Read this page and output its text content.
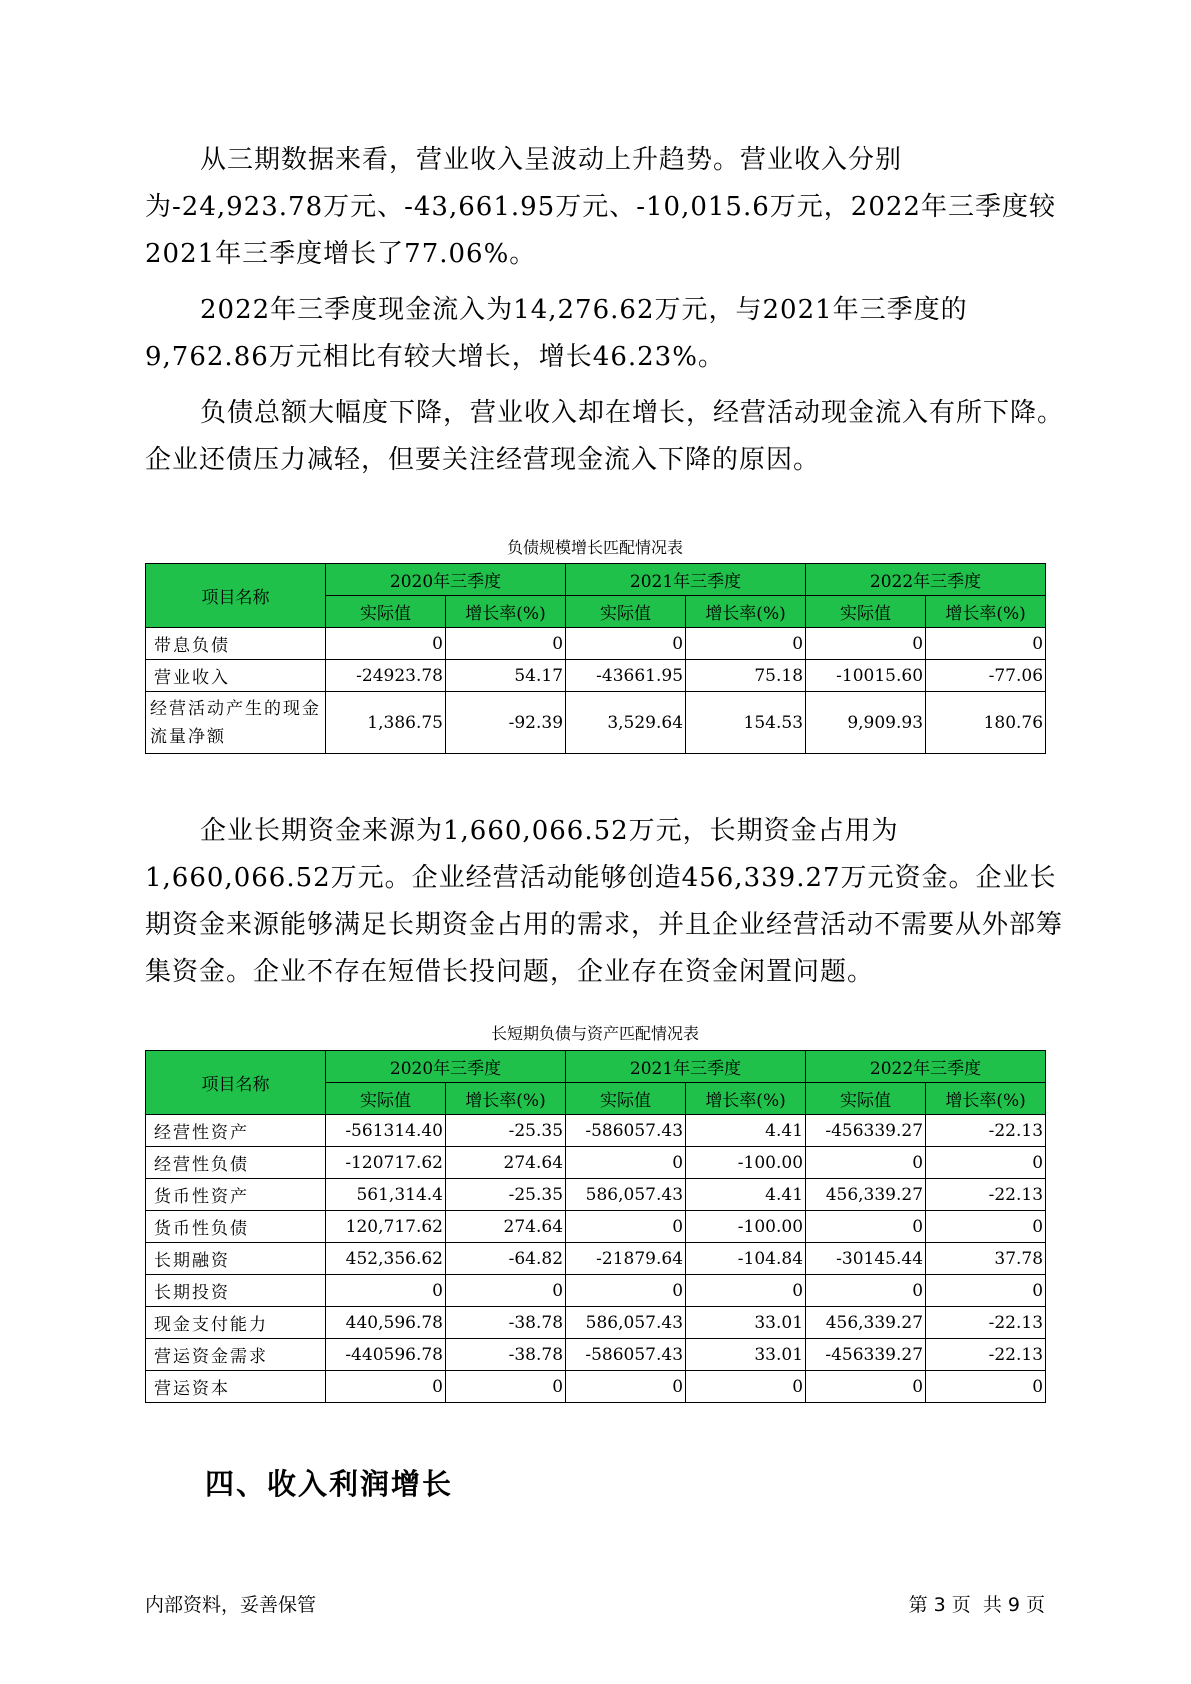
从三期数据来看，营业收入呈波动上升趋势。营业收入分别为-24,923.78万元、-43,661.95万元、-10,015.6万元，2022年三季度较2021年三季度增长了77.06%。

2022年三季度现金流入为14,276.62万元，与2021年三季度的9,762.86万元相比有较大增长，增长46.23%。

负债总额大幅度下降，营业收入却在增长，经营活动现金流入有所下降。企业还债压力减轻，但要关注经营现金流入下降的原因。

负债规模增长匹配情况表
项目名称	2020年三季度		2021年三季度		2022年三季度	
	实际值	增长率(%)	实际值	增长率(%)	实际值	增长率(%)
带息负债	0	0	0	0	0	0
营业收入	-24923.78	54.17	-43661.95	75.18	-10015.60	-77.06
经营活动产生的现金流量净额	1,386.75	-92.39	3,529.64	154.53	9,909.93	180.76

企业长期资金来源为1,660,066.52万元，长期资金占用为1,660,066.52万元。企业经营活动能够创造456,339.27万元资金。企业长期资金来源能够满足长期资金占用的需求，并且企业经营活动不需要从外部筹集资金。企业不存在短借长投问题，企业存在资金闲置问题。

长短期负债与资产匹配情况表
项目名称	2020年三季度		2021年三季度		2022年三季度	
	实际值	增长率(%)	实际值	增长率(%)	实际值	增长率(%)
经营性资产	-561314.40	-25.35	-586057.43	4.41	-456339.27	-22.13
经营性负债	-120717.62	274.64	0	-100.00	0	0
货币性资产	561,314.4	-25.35	586,057.43	4.41	456,339.27	-22.13
货币性负债	120,717.62	274.64	0	-100.00	0	0
长期融资	452,356.62	-64.82	-21879.64	-104.84	-30145.44	37.78
长期投资	0	0	0	0	0	0
现金支付能力	440,596.78	-38.78	586,057.43	33.01	456,339.27	-22.13
营运资金需求	-440596.78	-38.78	-586057.43	33.01	-456339.27	-22.13
营运资本	0	0	0	0	0	0
四、收入利润增长
内部资料，妥善保管	第 3 页  共 9 页
